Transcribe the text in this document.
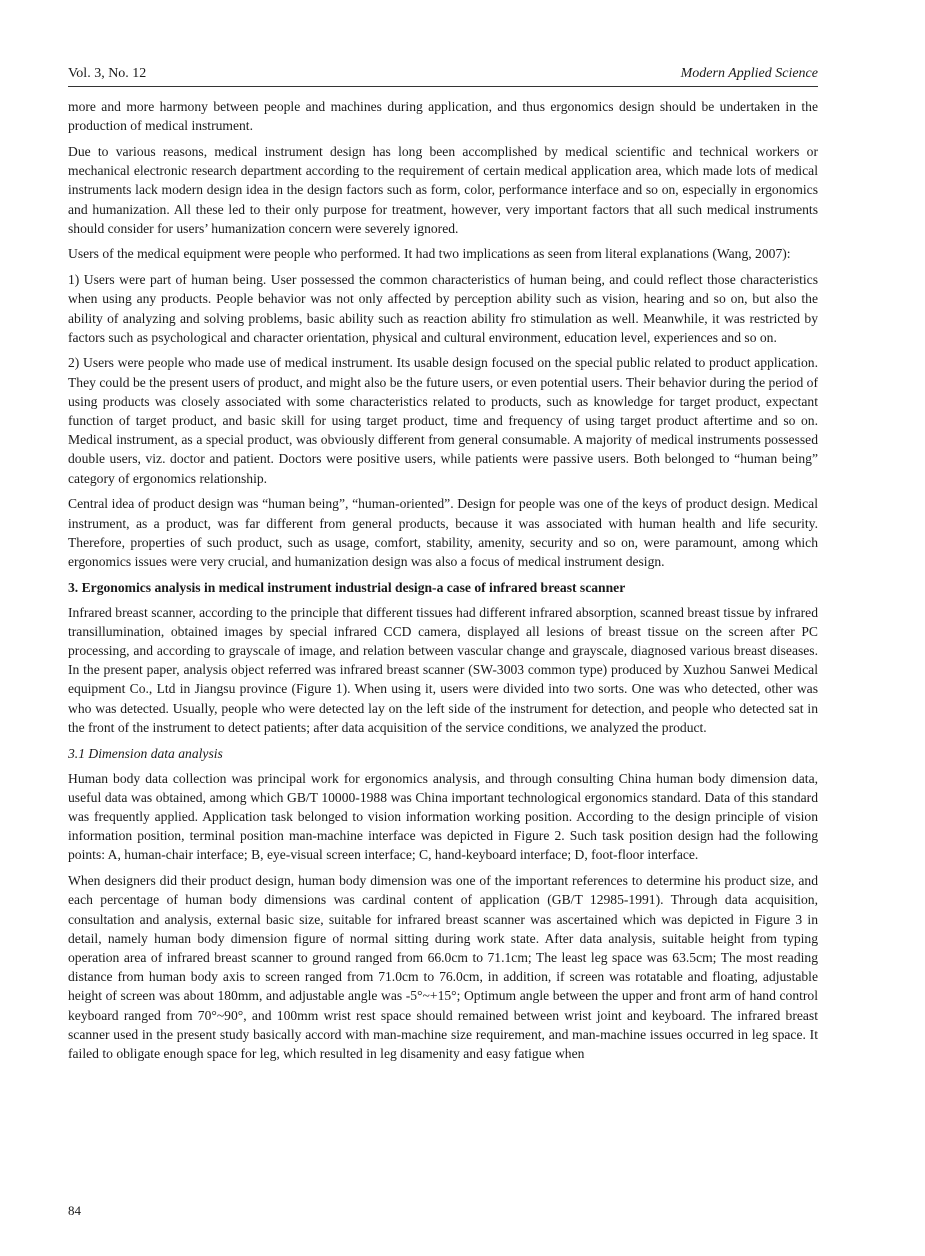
Vol. 3, No. 12	Modern Applied Science

more and more harmony between people and machines during application, and thus ergonomics design should be undertaken in the production of medical instrument.

Due to various reasons, medical instrument design has long been accomplished by medical scientific and technical workers or mechanical electronic research department according to the requirement of certain medical application area, which made lots of medical instruments lack modern design idea in the design factors such as form, color, performance interface and so on, especially in ergonomics and humanization. All these led to their only purpose for treatment, however, very important factors that all such medical instruments should consider for users’ humanization concern were severely ignored.

Users of the medical equipment were people who performed. It had two implications as seen from literal explanations (Wang, 2007):

1) Users were part of human being. User possessed the common characteristics of human being, and could reflect those characteristics when using any products. People behavior was not only affected by perception ability such as vision, hearing and so on, but also the ability of analyzing and solving problems, basic ability such as reaction ability fro stimulation as well. Meanwhile, it was restricted by factors such as psychological and character orientation, physical and cultural environment, education level, experiences and so on.

2) Users were people who made use of medical instrument. Its usable design focused on the special public related to product application. They could be the present users of product, and might also be the future users, or even potential users. Their behavior during the period of using products was closely associated with some characteristics related to products, such as knowledge for target product, expectant function of target product, and basic skill for using target product, time and frequency of using target product aftertime and so on. Medical instrument, as a special product, was obviously different from general consumable. A majority of medical instruments possessed double users, viz. doctor and patient. Doctors were positive users, while patients were passive users. Both belonged to “human being” category of ergonomics relationship.

Central idea of product design was “human being”, “human-oriented”. Design for people was one of the keys of product design. Medical instrument, as a product, was far different from general products, because it was associated with human health and life security. Therefore, properties of such product, such as usage, comfort, stability, amenity, security and so on, were paramount, among which ergonomics issues were very crucial, and humanization design was also a focus of medical instrument design.

3. Ergonomics analysis in medical instrument industrial design-a case of infrared breast scanner

Infrared breast scanner, according to the principle that different tissues had different infrared absorption, scanned breast tissue by infrared transillumination, obtained images by special infrared CCD camera, displayed all lesions of breast tissue on the screen after PC processing, and according to grayscale of image, and relation between vascular change and grayscale, diagnosed various breast diseases. In the present paper, analysis object referred was infrared breast scanner (SW-3003 common type) produced by Xuzhou Sanwei Medical equipment Co., Ltd in Jiangsu province (Figure 1). When using it, users were divided into two sorts. One was who detected, other was who was detected. Usually, people who were detected lay on the left side of the instrument for detection, and people who detected sat in the front of the instrument to detect patients; after data acquisition of the service conditions, we analyzed the product.

3.1 Dimension data analysis

Human body data collection was principal work for ergonomics analysis, and through consulting China human body dimension data, useful data was obtained, among which GB/T 10000-1988 was China important technological ergonomics standard. Data of this standard was frequently applied. Application task belonged to vision information working position. According to the design principle of vision information position, terminal position man-machine interface was depicted in Figure 2. Such task position design had the following points: A, human-chair interface; B, eye-visual screen interface; C, hand-keyboard interface; D, foot-floor interface.

When designers did their product design, human body dimension was one of the important references to determine his product size, and each percentage of human body dimensions was cardinal content of application (GB/T 12985-1991). Through data acquisition, consultation and analysis, external basic size, suitable for infrared breast scanner was ascertained which was depicted in Figure 3 in detail, namely human body dimension figure of normal sitting during work state. After data analysis, suitable height from typing operation area of infrared breast scanner to ground ranged from 66.0cm to 71.1cm; The least leg space was 63.5cm; The most reading distance from human body axis to screen ranged from 71.0cm to 76.0cm, in addition, if screen was rotatable and floating, adjustable height of screen was about 180mm, and adjustable angle was -5°~+15°; Optimum angle between the upper and front arm of hand control keyboard ranged from 70°~90°, and 100mm wrist rest space should remained between wrist joint and keyboard. The infrared breast scanner used in the present study basically accord with man-machine size requirement, and man-machine issues occurred in leg space. It failed to obligate enough space for leg, which resulted in leg disamenity and easy fatigue when

84
